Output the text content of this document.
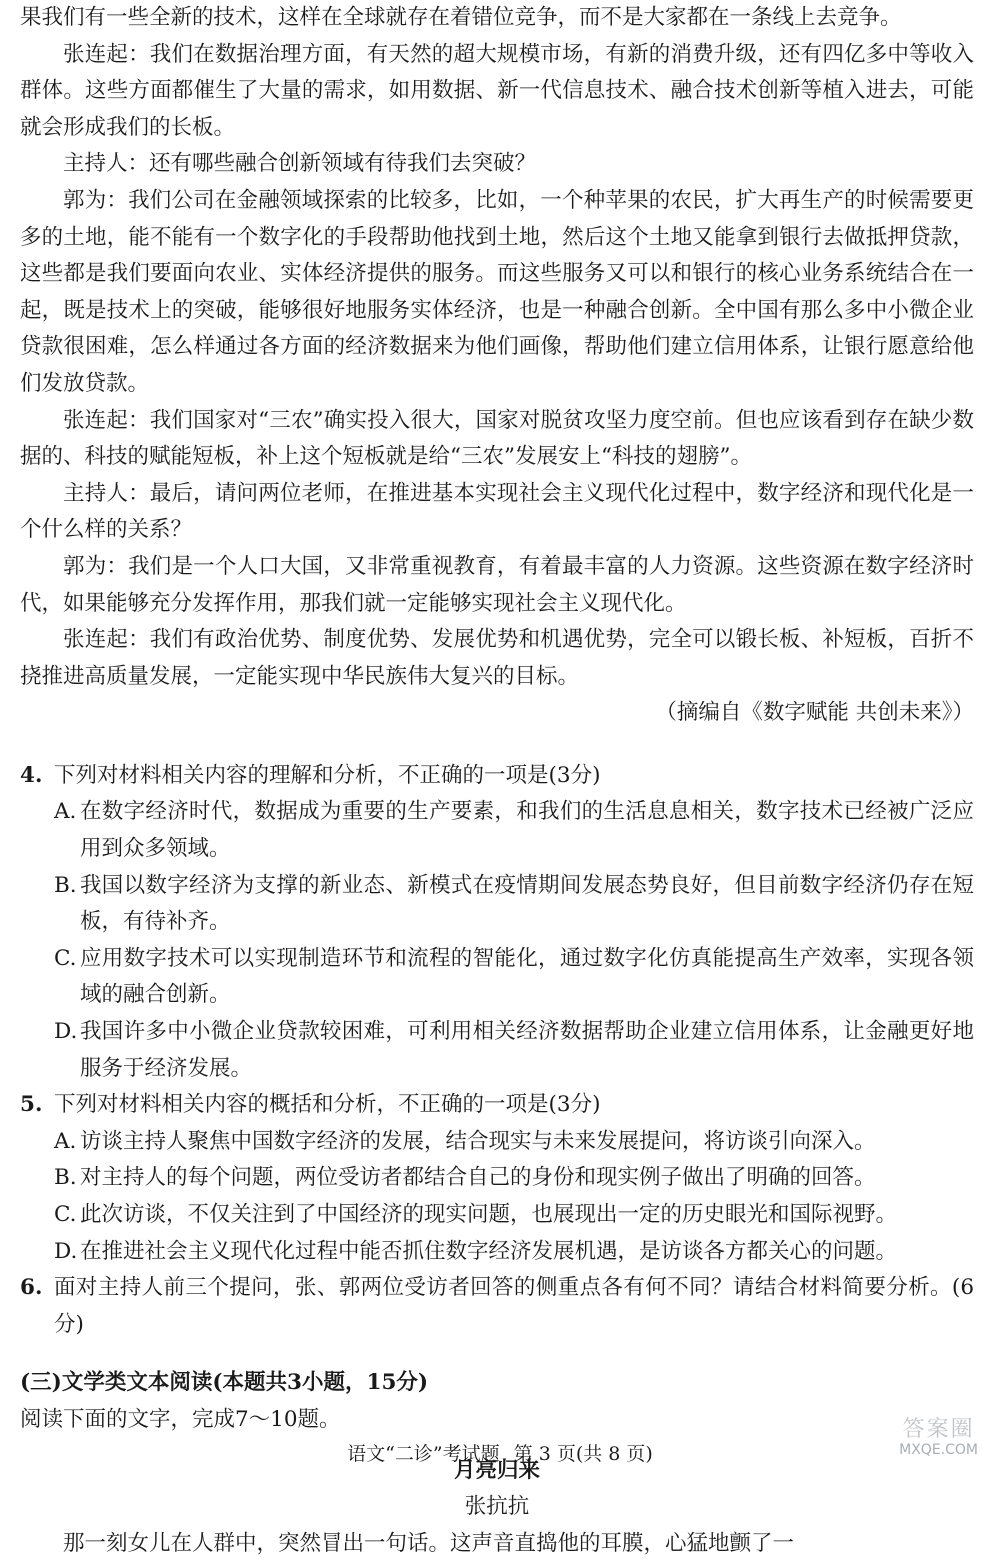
果我们有一些全新的技术，这样在全球就存在着错位竞争，而不是大家都在一条线上去竞争。

张连起：我们在数据治理方面，有天然的超大规模市场，有新的消费升级，还有四亿多中等收入群体。这些方面都催生了大量的需求，如用数据、新一代信息技术、融合技术创新等植入进去，可能就会形成我们的长板。

主持人：还有哪些融合创新领域有待我们去突破？

郭为：我们公司在金融领域探索的比较多，比如，一个种苹果的农民，扩大再生产的时候需要更多的土地，能不能有一个数字化的手段帮助他找到土地，然后这个土地又能拿到银行去做抵押贷款，这些都是我们要面向农业、实体经济提供的服务。而这些服务又可以和银行的核心业务系统结合在一起，既是技术上的突破，能够很好地服务实体经济，也是一种融合创新。全中国有那么多中小微企业贷款很困难，怎么样通过各方面的经济数据来为他们画像，帮助他们建立信用体系，让银行愿意给他们发放贷款。

张连起：我们国家对“三农”确实投入很大，国家对脱贫攻坚力度空前。但也应该看到存在缺少数据的、科技的赋能短板，补上这个短板就是给“三农”发展安上“科技的翅膀”。

主持人：最后，请问两位老师，在推进基本实现社会主义现代化过程中，数字经济和现代化是一个什么样的关系？

郭为：我们是一个人口大国，又非常重视教育，有着最丰富的人力资源。这些资源在数字经济时代，如果能够充分发挥作用，那我们就一定能够实现社会主义现代化。

张连起：我们有政治优势、制度优势、发展优势和机遇优势，完全可以锻长板、补短板，百折不挠推进高质量发展，一定能实现中华民族伟大复兴的目标。

（摘编自《数字赋能 共创未来》）

4. 下列对材料相关内容的理解和分析，不正确的一项是(3分)
A. 在数字经济时代，数据成为重要的生产要素，和我们的生活息息相关，数字技术已经被广泛应用到众多领域。
B. 我国以数字经济为支撑的新业态、新模式在疫情期间发展态势良好，但目前数字经济仍存在短板，有待补齐。
C. 应用数字技术可以实现制造环节和流程的智能化，通过数字化仿真能提高生产效率，实现各领域的融合创新。
D. 我国许多中小微企业贷款较困难，可利用相关经济数据帮助企业建立信用体系，让金融更好地服务于经济发展。
5. 下列对材料相关内容的概括和分析，不正确的一项是(3分)
A. 访谈主持人聚焦中国数字经济的发展，结合现实与未来发展提问，将访谈引向深入。
B. 对主持人的每个问题，两位受访者都结合自己的身份和现实例子做出了明确的回答。
C. 此次访谈，不仅关注到了中国经济的现实问题，也展现出一定的历史眼光和国际视野。
D. 在推进社会主义现代化过程中能否抓住数字经济发展机遇，是访谈各方都关心的问题。
6. 面对主持人前三个提问，张、郭两位受访者回答的侧重点各有何不同？请结合材料简要分析。(6分)

(三)文学类文本阅读(本题共3小题，15分)

阅读下面的文字，完成7～10题。

月亮归来

张抗抗

那一刻女儿在人群中，突然冒出一句话。这声音直捣他的耳膜，心猛地颤了一

语文“二诊”考试题 第 3 页(共 8 页)
答案圈
MXQE.COM
